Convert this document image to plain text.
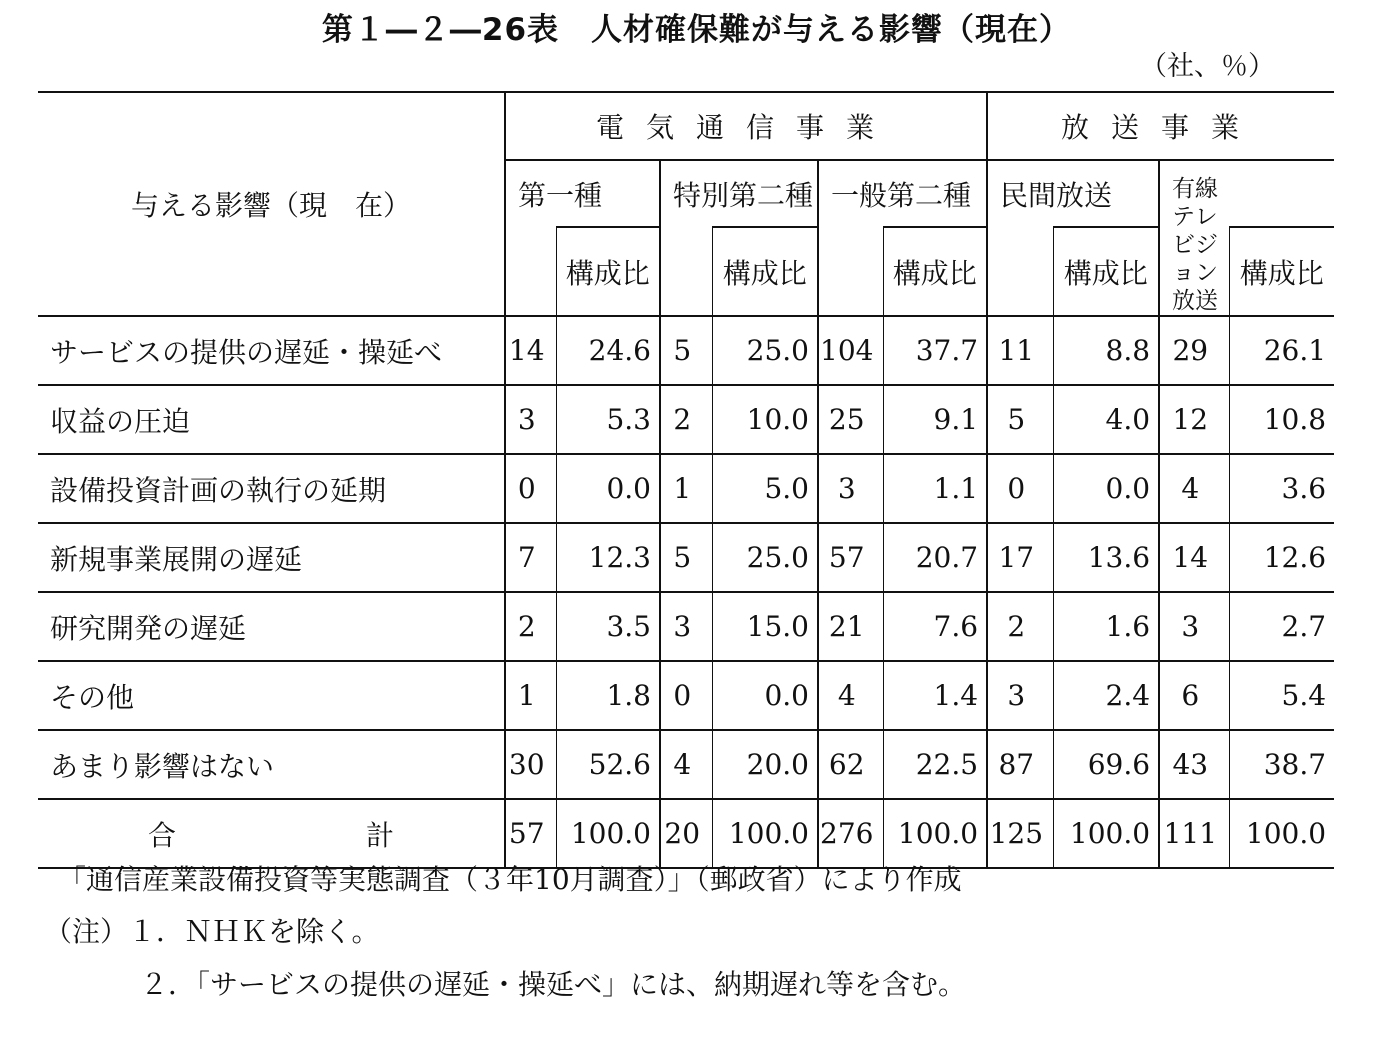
第１―２―26表　人材確保難が与える影響（現在）
（社、％）
与える影響（現　在）	電気通信事業						放送事業			
	第一種		特別第二種		一般第二種		民間放送		有線テレビジョン放送	
		構成比		構成比		構成比		構成比		構成比
サービスの提供の遅延・操延べ	14	24.6	5	25.0	104	37.7	11	8.8	29	26.1
収益の圧迫	3	5.3	2	10.0	25	9.1	5	4.0	12	10.8
設備投資計画の執行の延期	0	0.0	1	5.0	3	1.1	0	0.0	4	3.6
新規事業展開の遅延	7	12.3	5	25.0	57	20.7	17	13.6	14	12.6
研究開発の遅延	2	3.5	3	15.0	21	7.6	2	1.6	3	2.7
その他	1	1.8	0	0.0	4	1.4	3	2.4	6	5.4
あまり影響はない	30	52.6	4	20.0	62	22.5	87	69.6	43	38.7
合 計	57	100.0	20	100.0	276	100.0	125	100.0	111	100.0
「通信産業設備投資等実態調査（３年10月調査）」（郵政省）により作成
（注）１．ＮＨＫを除く。
２．「サービスの提供の遅延・操延べ」には、納期遅れ等を含む。
